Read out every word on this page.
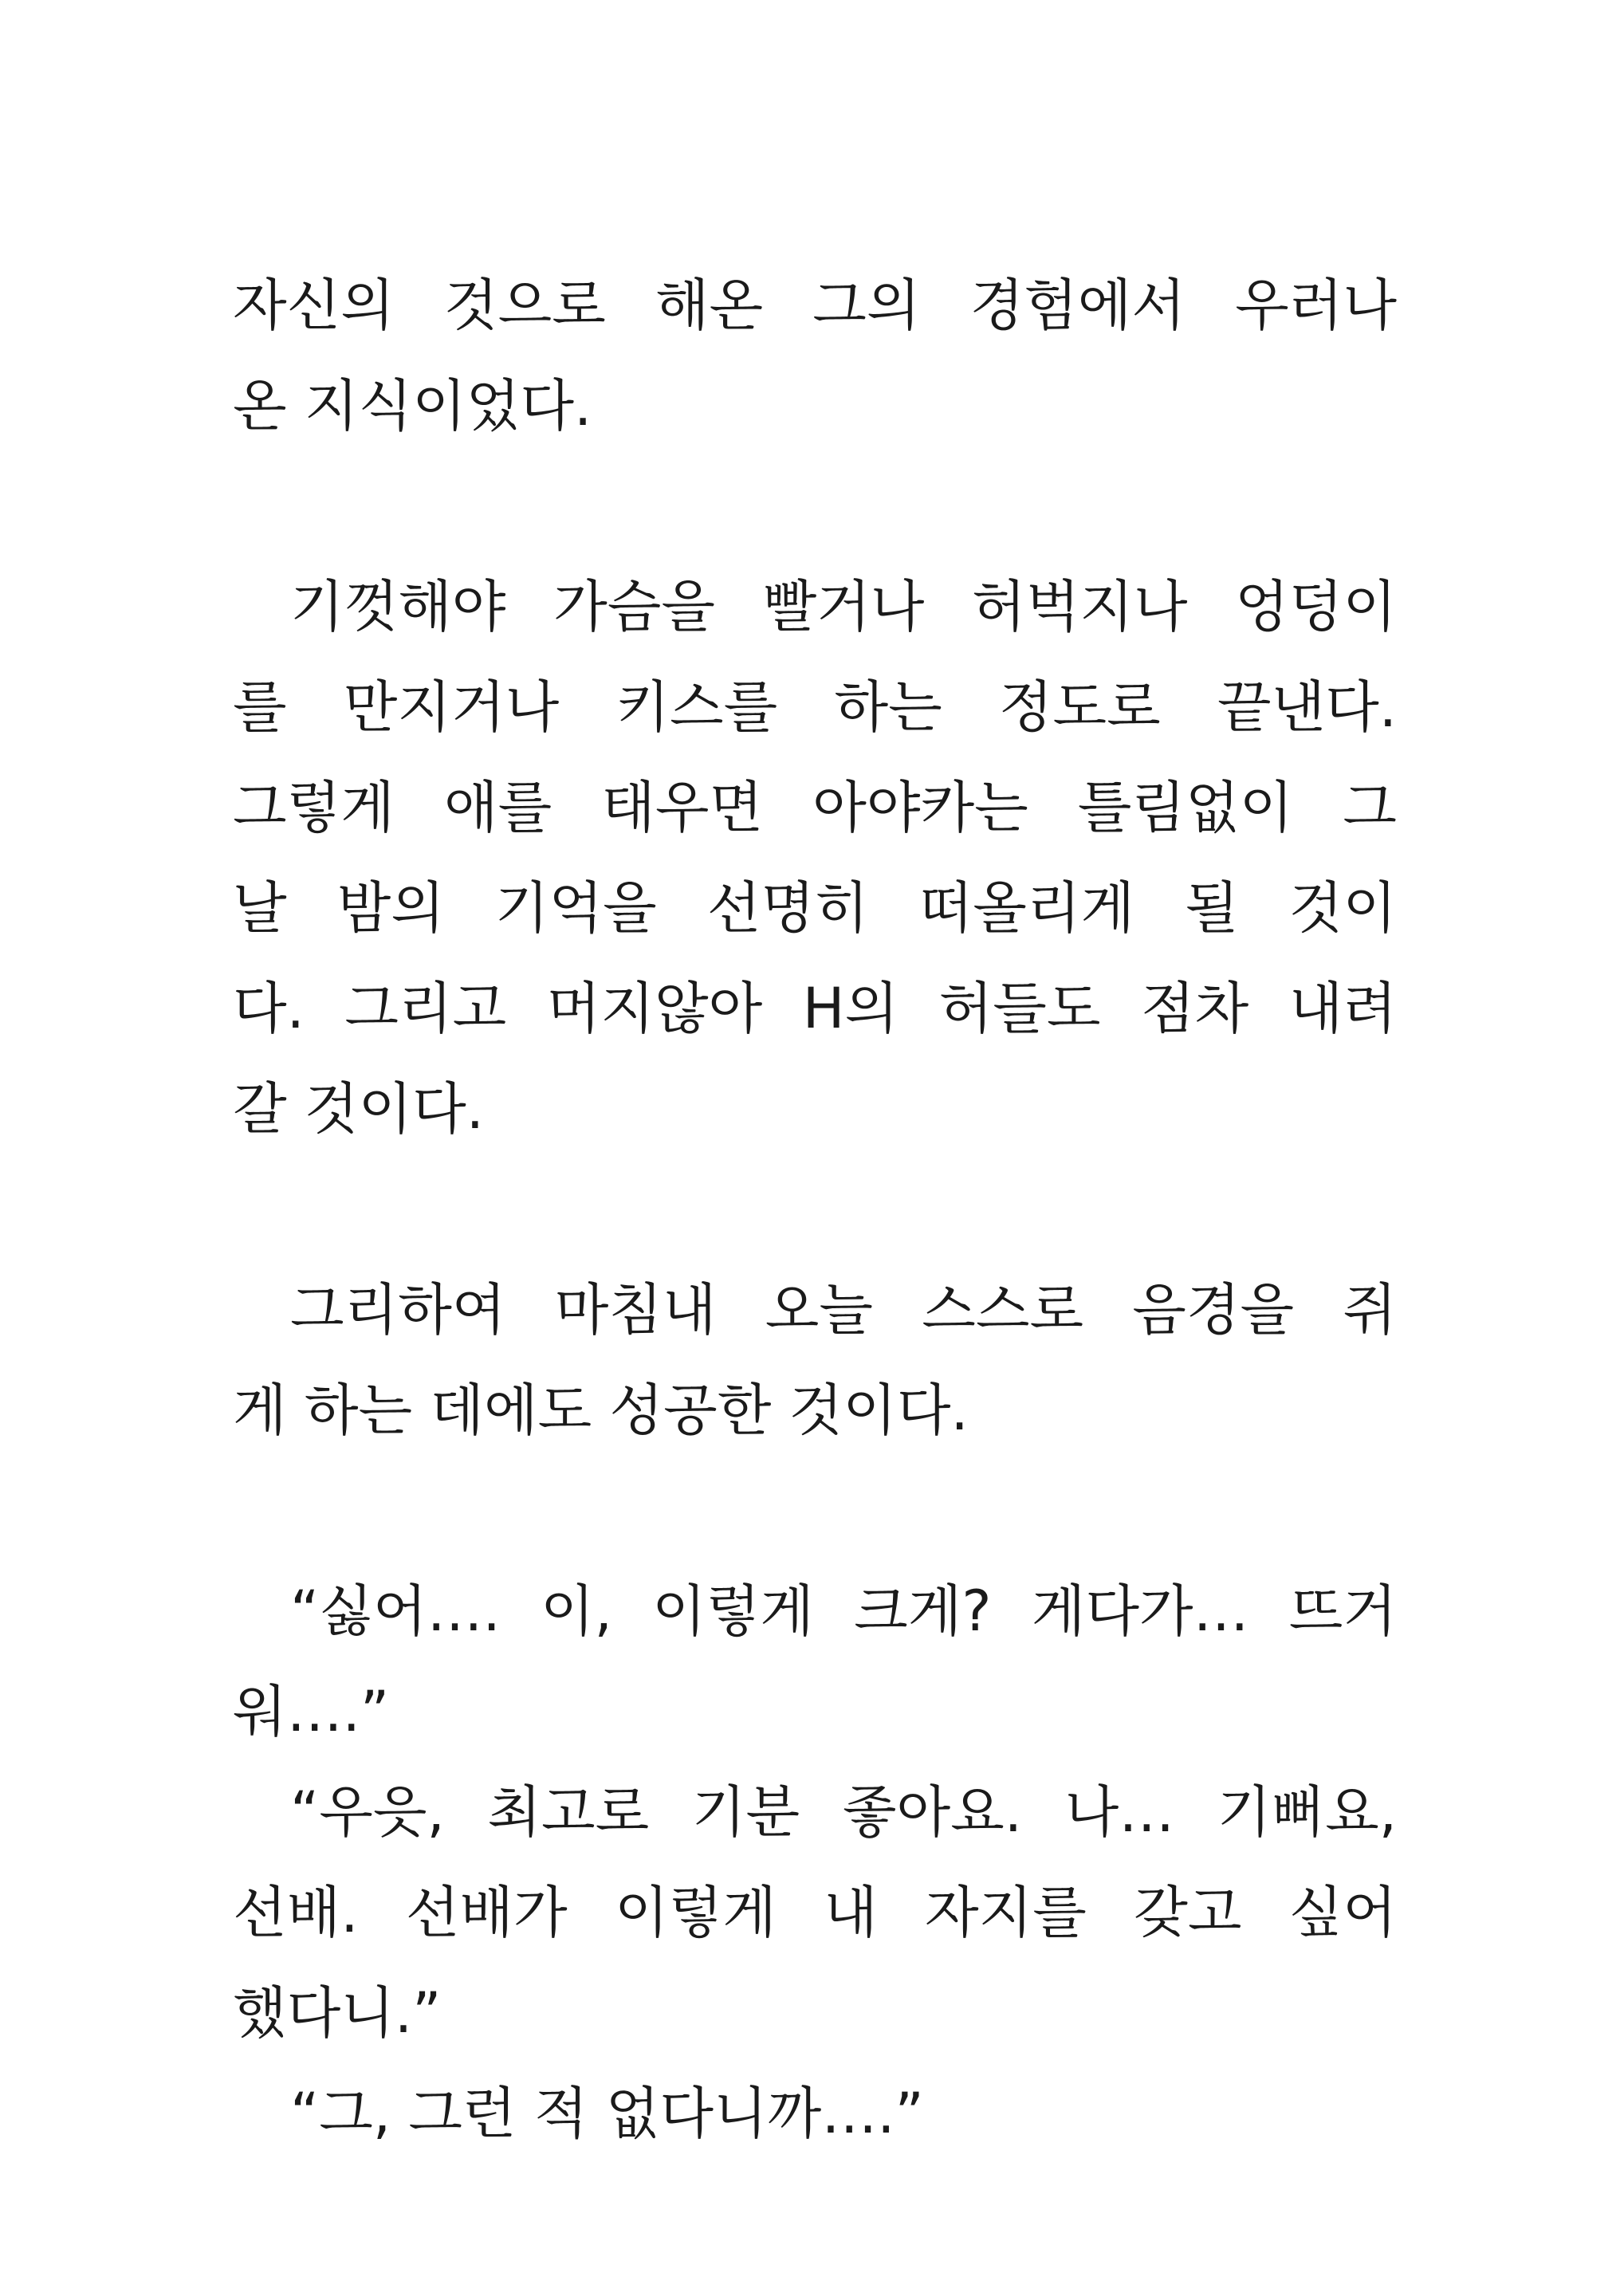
자신의 것으로 해온 그의 경험에서 우러나
온 지식이었다.
기껏해야 가슴을 빨거나 허벅지나 엉덩이
를 만지거나 키스를 하는 정도로 끝낸다.
그렇게 애를 태우면 아야카는 틀림없이 그
날 밤의 기억을 선명히 떠올리게 될 것이
다. 그리고 머지않아 H의 허들도 점차 내려
갈 것이다.
그리하여 마침내 오늘 스스로 음경을 쥐
게 하는 데에도 성공한 것이다.
“싫어…. 이, 이렇게 크게? 게다가… 뜨거
워….”
“우읏, 최고로 기분 좋아요. 나… 기뻐요,
선배. 선배가 이렇게 내 자지를 갖고 싶어
했다니.”
“그, 그런 적 없다니까….”
